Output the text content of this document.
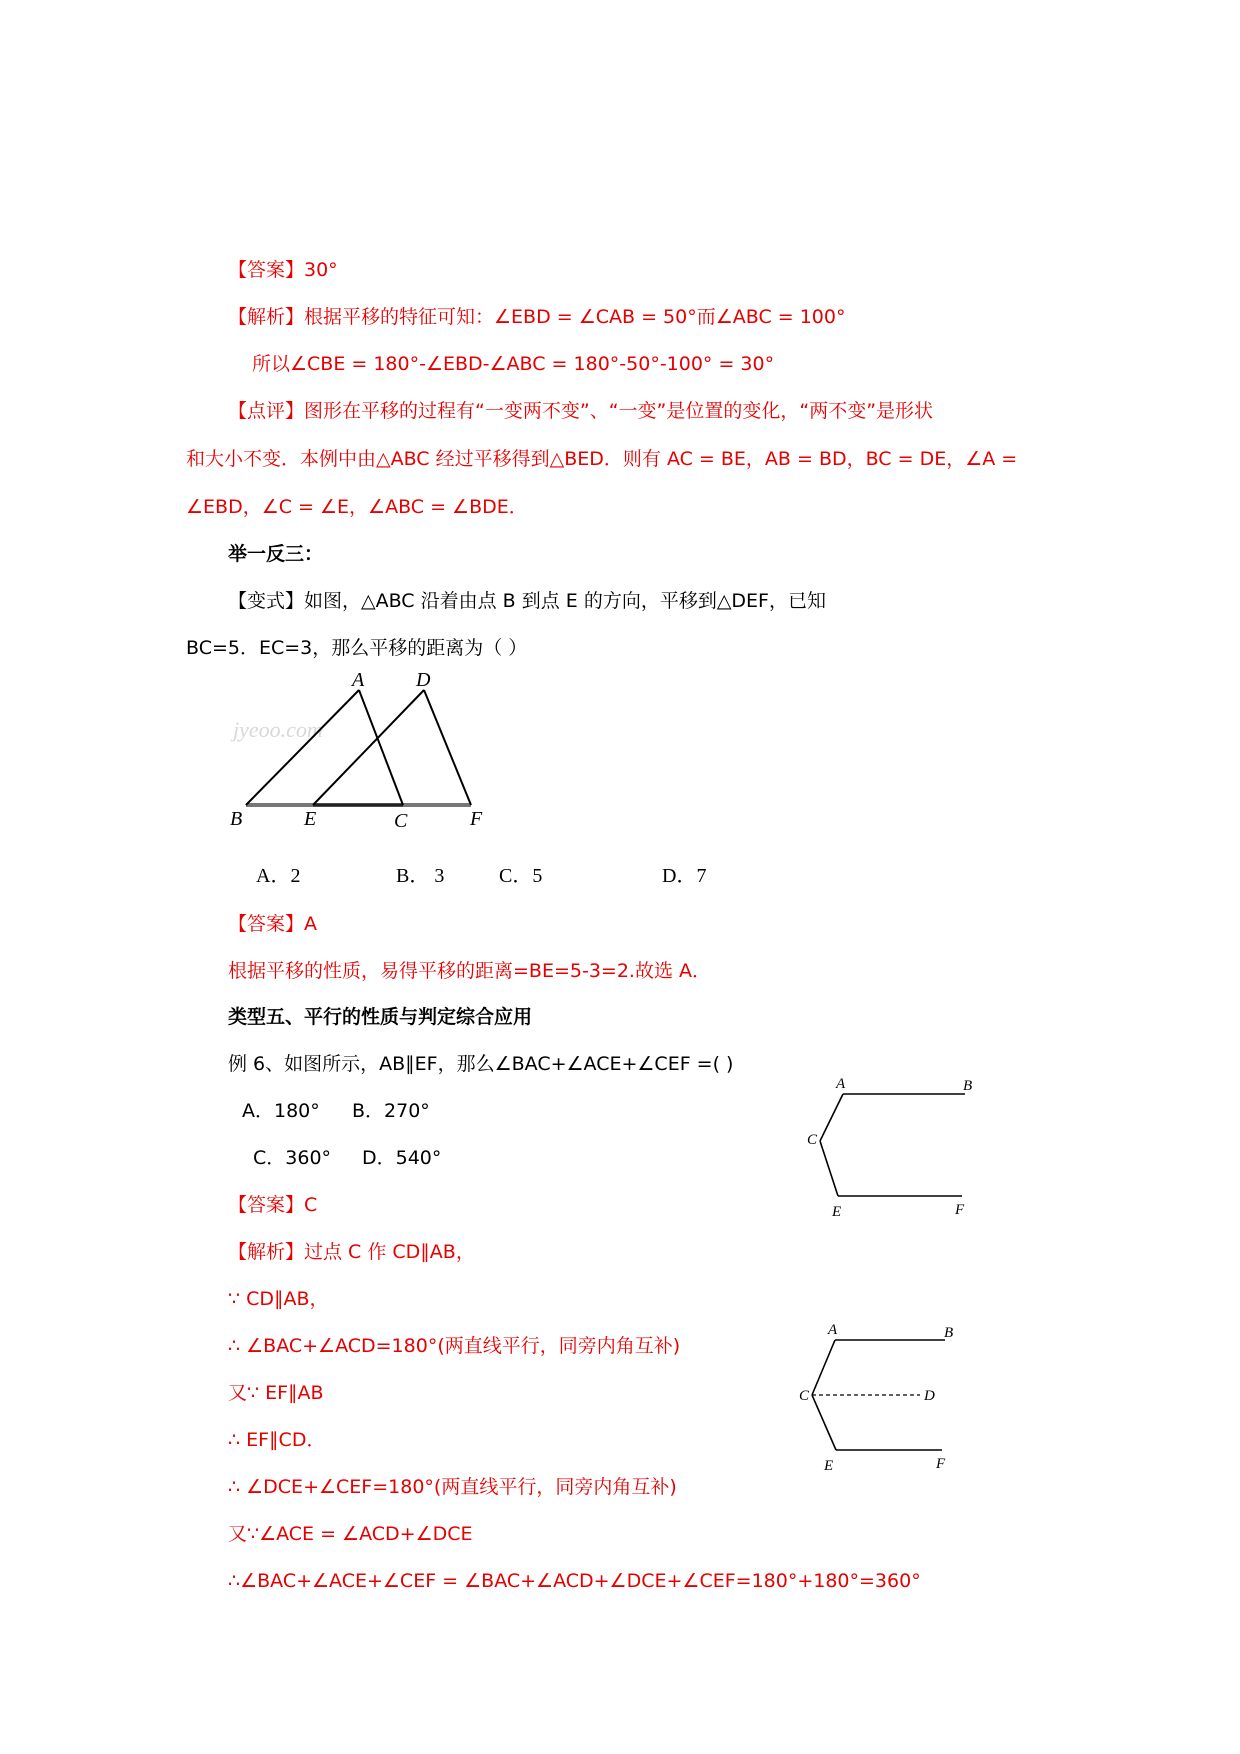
【答案】30°
【解析】根据平移的特征可知：∠EBD = ∠CAB = 50°而∠ABC = 100°
所以∠CBE = 180°-∠EBD-∠ABC = 180°-50°-100° = 30°
【点评】图形在平移的过程有“一变两不变”、“一变”是位置的变化，“两不变”是形状
和大小不变．本例中由△ABC 经过平移得到△BED．则有 AC = BE，AB = BD，BC = DE，∠A =
∠EBD，∠C = ∠E，∠ABC = ∠BDE．
举一反三：
【变式】如图，△ABC 沿着由点 B 到点 E 的方向，平移到△DEF，已知
BC=5．EC=3，那么平移的距离为（ ）
jyeoo.com
A	D
B	E	C	F
A．2	B． 3	C．5	D．7
【答案】A
根据平移的性质，易得平移的距离=BE=5-3=2.故选 A．
类型五、平行的性质与判定综合应用
例 6、如图所示，AB∥EF，那么∠BAC+∠ACE+∠CEF =( )
A．180° B．270°
C．360° D．540°
A	B
C
E	F
【答案】C
【解析】过点 C 作 CD∥AB，
∵ CD∥AB，
∴ ∠BAC+∠ACD=180°(两直线平行，同旁内角互补)
又∵ EF∥AB
∴ EF∥CD．
∴ ∠DCE+∠CEF=180°(两直线平行，同旁内角互补)
又∵∠ACE = ∠ACD+∠DCE
∴∠BAC+∠ACE+∠CEF = ∠BAC+∠ACD+∠DCE+∠CEF=180°+180°=360°
A	B
C	D
E	F
